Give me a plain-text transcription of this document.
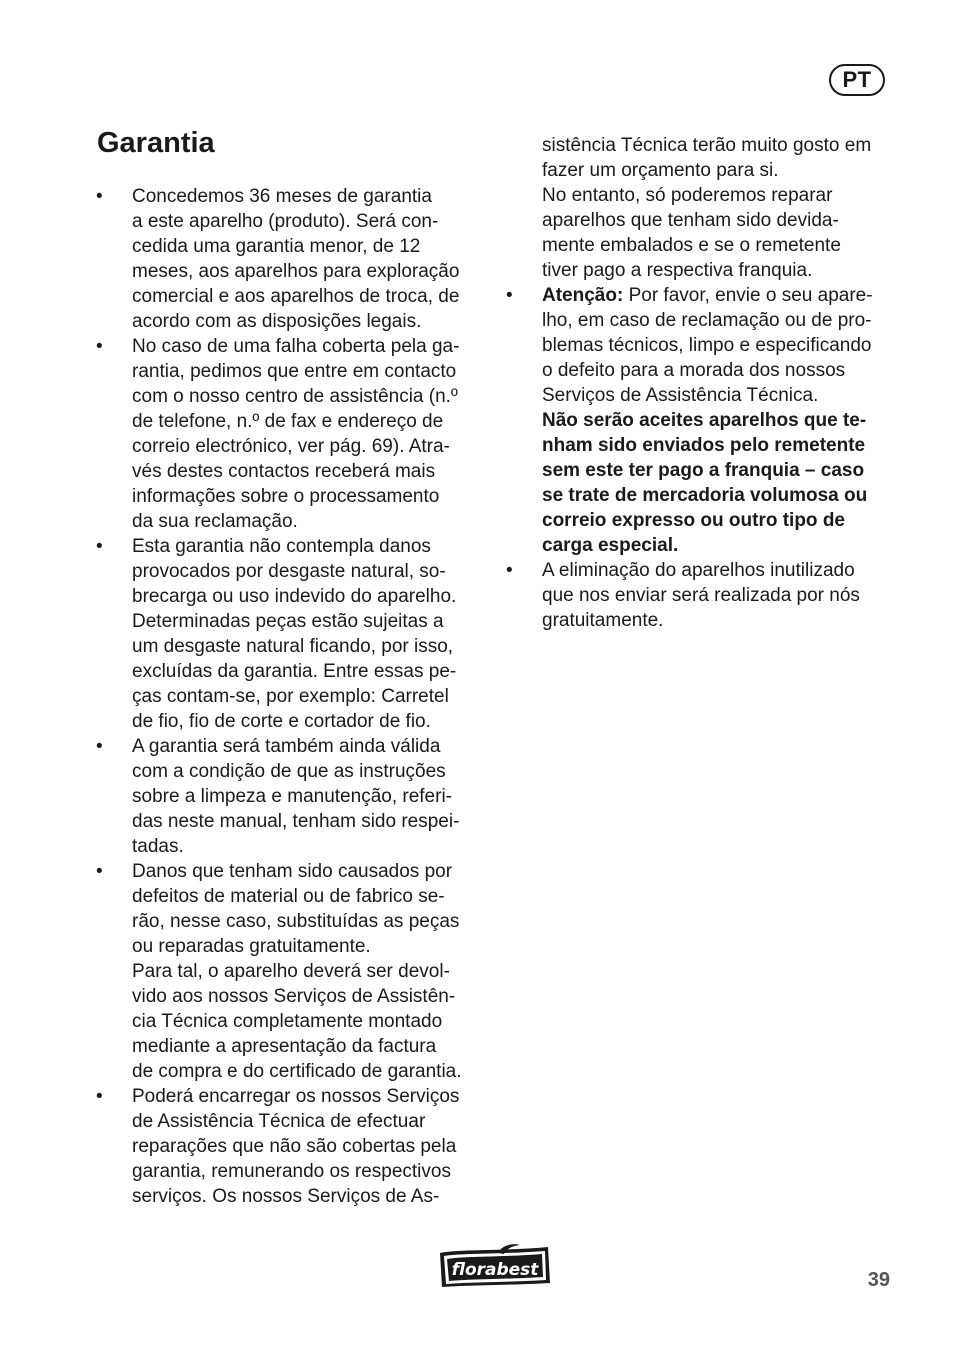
PT
Garantia
• Concedemos 36 meses de garantia
a este aparelho (produto). Será con-
cedida uma garantia menor, de 12
meses, aos aparelhos para exploração
comercial e aos aparelhos de troca, de
acordo com as disposições legais.

• No caso de uma falha coberta pela ga-
rantia, pedimos que entre em contacto
com o nosso centro de assistência (n.º
de telefone, n.º de fax e endereço de
correio electrónico, ver pág. 69). Atra-
vés destes contactos receberá mais
informações sobre o processamento
da sua reclamação.

• Esta garantia não contempla danos
provocados por desgaste natural, so-
brecarga ou uso indevido do aparelho.
Determinadas peças estão sujeitas a
um desgaste natural ficando, por isso,
excluídas da garantia. Entre essas pe-
ças contam-se, por exemplo: Carretel
de fio, fio de corte e cortador de fio.

• A garantia será também ainda válida
com a condição de que as instruções
sobre a limpeza e manutenção, referi-
das neste manual, tenham sido respei-
tadas.

• Danos que tenham sido causados por
defeitos de material ou de fabrico se-
rão, nesse caso, substituídas as peças
ou reparadas gratuitamente.

Para tal, o aparelho deverá ser devol-
vido aos nossos Serviços de Assistên-
cia Técnica completamente montado
mediante a apresentação da factura
de compra e do certificado de garantia.

• Poderá encarregar os nossos Serviços
de Assistência Técnica de efectuar
reparações que não são cobertas pela
garantia, remunerando os respectivos
serviços. Os nossos Serviços de As-

sistência Técnica terão muito gosto em
fazer um orçamento para si.

No entanto, só poderemos reparar
aparelhos que tenham sido devida-
mente embalados e se o remetente
tiver pago a respectiva franquia.

• Atenção: Por favor, envie o seu apare-
lho, em caso de reclamação ou de pro-
blemas técnicos, limpo e especificando
o defeito para a morada dos nossos
Serviços de Assistência Técnica.

Não serão aceites aparelhos que te-
nham sido enviados pelo remetente
sem este ter pago a franquia – caso
se trate de mercadoria volumosa ou
correio expresso ou outro tipo de
carga especial.

• A eliminação do aparelhos inutilizado
que nos enviar será realizada por nós
gratuitamente.

florabest	39
